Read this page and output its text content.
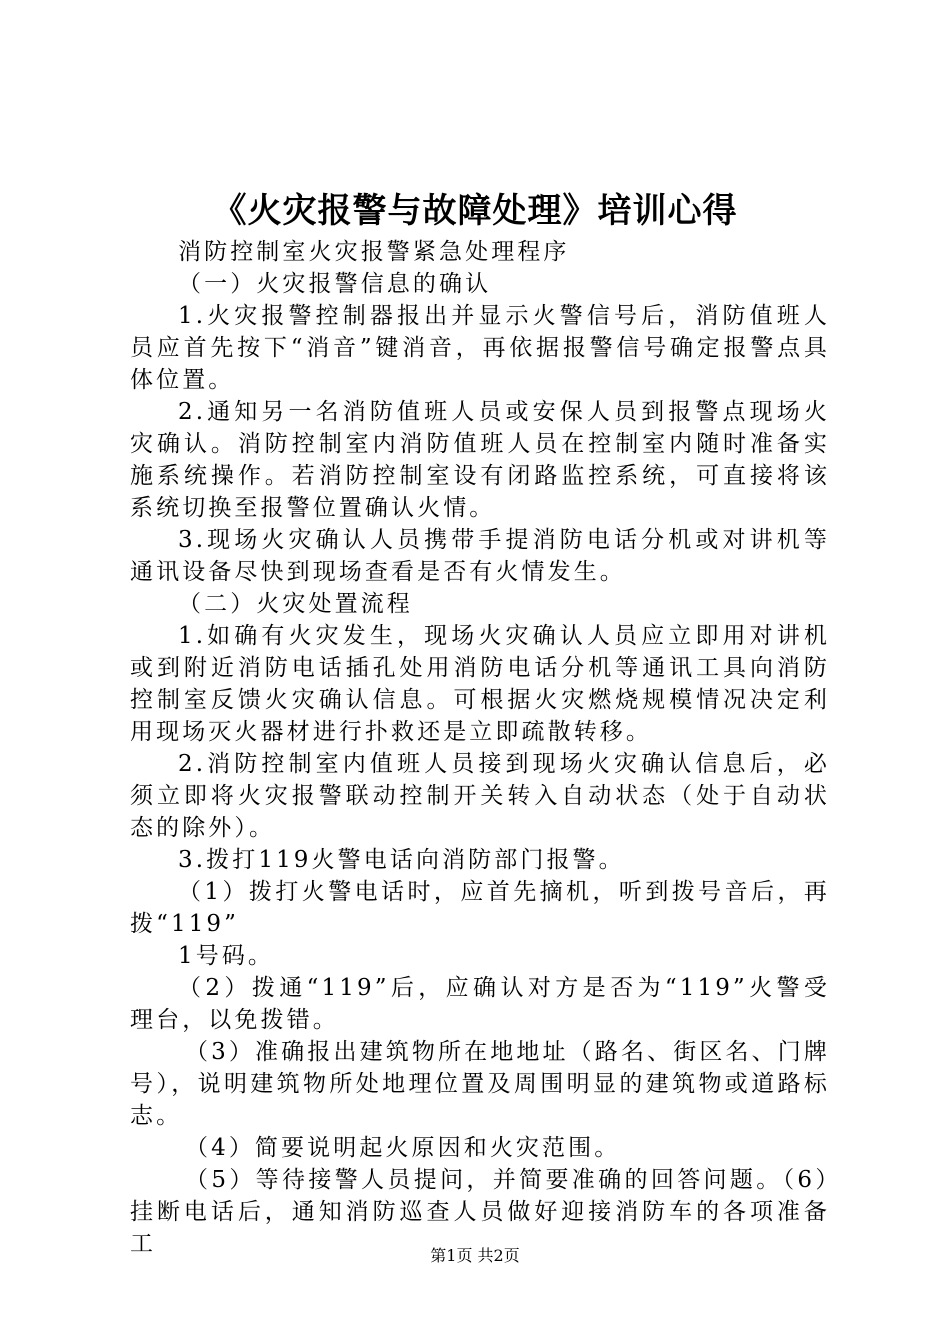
《火灾报警与故障处理》培训心得

消防控制室火灾报警紧急处理程序

（一）火灾报警信息的确认

1.火灾报警控制器报出并显示火警信号后，消防值班人员应首先按下“消音”键消音，再依据报警信号确定报警点具体位置。

2.通知另一名消防值班人员或安保人员到报警点现场火灾确认。消防控制室内消防值班人员在控制室内随时准备实施系统操作。若消防控制室设有闭路监控系统，可直接将该系统切换至报警位置确认火情。

3.现场火灾确认人员携带手提消防电话分机或对讲机等通讯设备尽快到现场查看是否有火情发生。

（二）火灾处置流程

1.如确有火灾发生，现场火灾确认人员应立即用对讲机或到附近消防电话插孔处用消防电话分机等通讯工具向消防控制室反馈火灾确认信息。可根据火灾燃烧规模情况决定利用现场灭火器材进行扑救还是立即疏散转移。

2.消防控制室内值班人员接到现场火灾确认信息后，必须立即将火灾报警联动控制开关转入自动状态（处于自动状态的除外）。

3.拨打119火警电话向消防部门报警。

（1）拨打火警电话时，应首先摘机，听到拨号音后，再拨“119”

1号码。

（2）拨通“119”后，应确认对方是否为“119”火警受理台，以免拨错。

（3）准确报出建筑物所在地地址（路名、街区名、门牌号），说明建筑物所处地理位置及周围明显的建筑物或道路标志。

（4）简要说明起火原因和火灾范围。

（5）等待接警人员提问，并简要准确的回答问题。（6）挂断电话后，通知消防巡查人员做好迎接消防车的各项准备工	第1页 共2页
